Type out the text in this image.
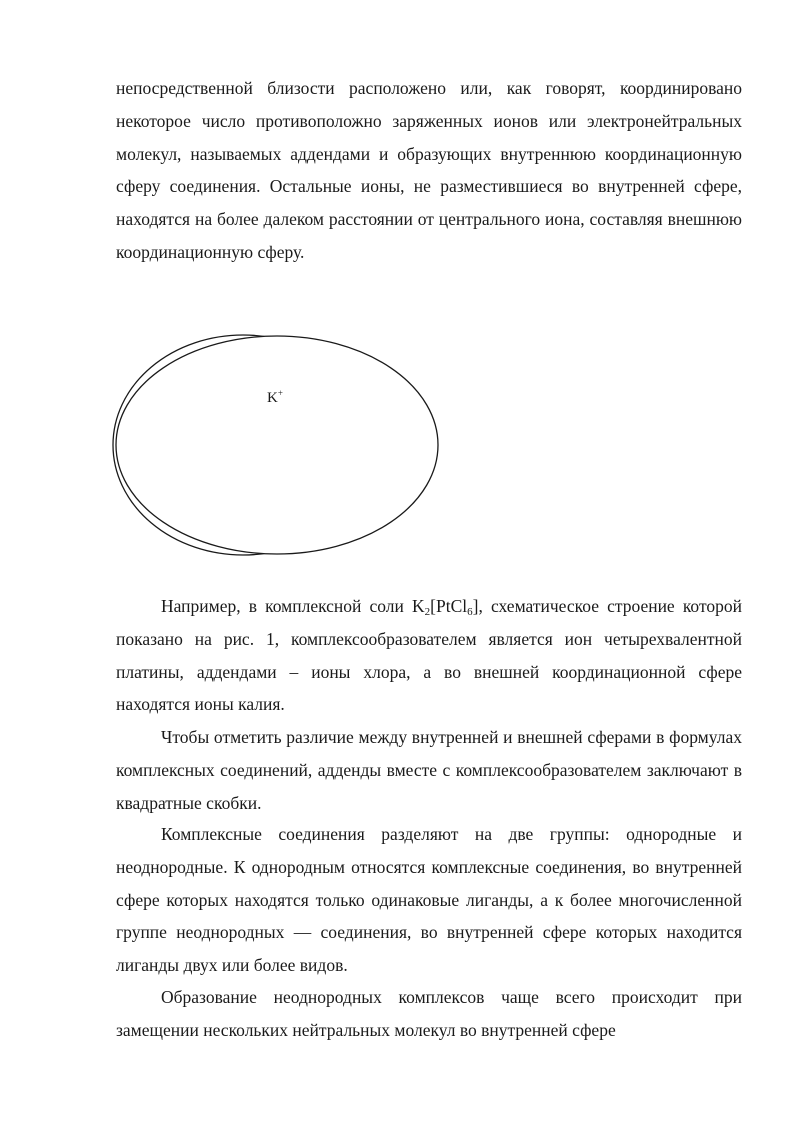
непосредственной близости расположено или, как говорят, координировано некоторое число противоположно заряженных ионов или электронейтральных молекул, называемых аддендами и образующих внутреннюю координационную сферу соединения. Остальные ионы, не разместившиеся во внутренней сфере, находятся на более далеком расстоянии от центрального иона, составляя внешнюю координационную сферу.

K+

Например, в комплексной соли $K_2[PtCl_6]$, схематическое строение которой показано на рис. 1, комплексообразователем является ион четырехвалентной платины, аддендами – ионы хлора, а во внешней координационной сфере находятся ионы калия.

Чтобы отметить различие между внутренней и внешней сферами в формулах комплексных соединений, адденды вместе с комплексообразователем заключают в квадратные скобки.

Комплексные соединения разделяют на две группы: однородные и неоднородные. К однородным относятся комплексные соединения, во внутренней сфере которых находятся только одинаковые лиганды, а к более многочисленной группе неоднородных — соединения, во внутренней сфере которых находится лиганды двух или более видов.

Образование неоднородных комплексов чаще всего происходит при замещении нескольких нейтральных молекул во внутренней сфере
